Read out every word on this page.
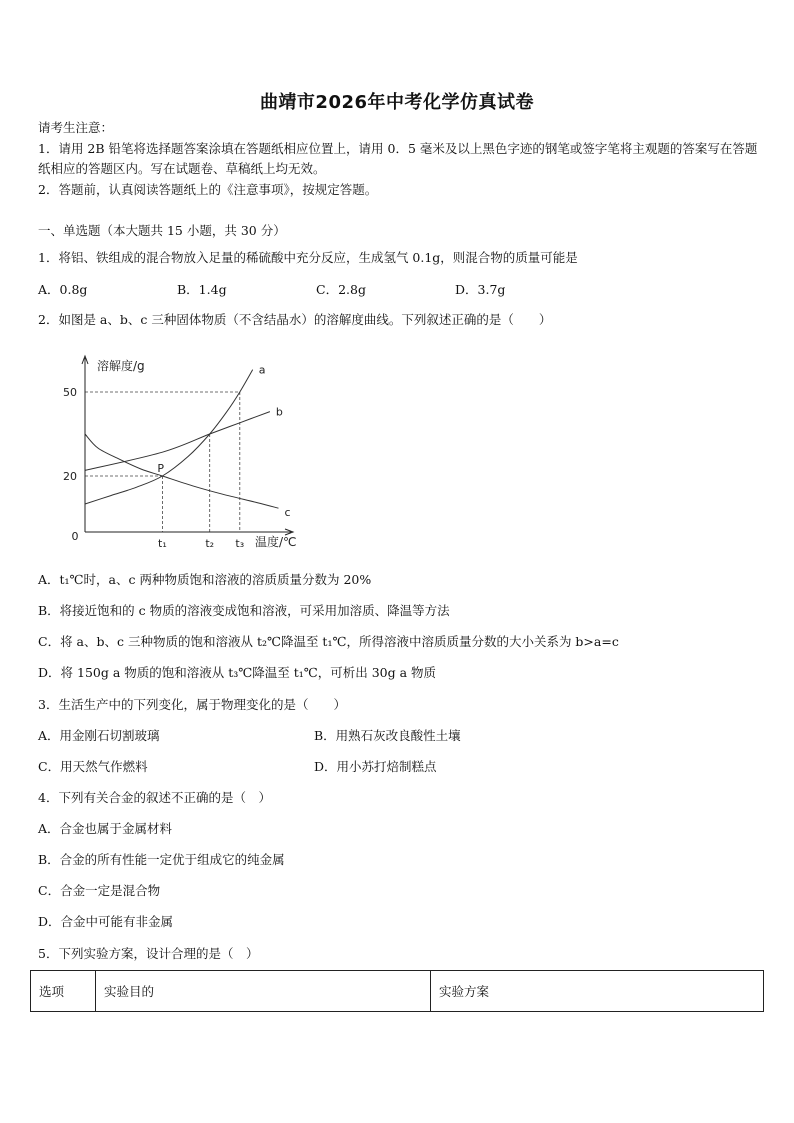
曲靖市2026年中考化学仿真试卷
请考生注意：
1．请用 2B 铅笔将选择题答案涂填在答题纸相应位置上，请用 0．5 毫米及以上黑色字迹的钢笔或签字笔将主观题的答案写在答题纸相应的答题区内。写在试题卷、草稿纸上均无效。
2．答题前，认真阅读答题纸上的《注意事项》，按规定答题。
一、单选题（本大题共 15 小题，共 30 分）
1．将铝、铁组成的混合物放入足量的稀硫酸中充分反应，生成氢气 0.1g，则混合物的质量可能是
A．0.8g	B．1.4g	C．2.8g	D．3.7g
2．如图是 a、b、c 三种固体物质（不含结晶水）的溶解度曲线。下列叙述正确的是（　　）
a
b
c
溶解度/g
温度/℃
50
20
0
t₁	t₂ t₃
P
A．t₁℃时，a、c 两种物质饱和溶液的溶质质量分数为 20%
B．将接近饱和的 c 物质的溶液变成饱和溶液，可采用加溶质、降温等方法
C．将 a、b、c 三种物质的饱和溶液从 t₂℃降温至 t₁℃，所得溶液中溶质质量分数的大小关系为 b>a=c
D．将 150g a 物质的饱和溶液从 t₃℃降温至 t₁℃，可析出 30g a 物质
3．生活生产中的下列变化，属于物理变化的是（　　）
A．用金刚石切割玻璃	B．用熟石灰改良酸性土壤
C．用天然气作燃料	D．用小苏打焙制糕点
4．下列有关合金的叙述不正确的是（　）
A．合金也属于金属材料
B．合金的所有性能一定优于组成它的纯金属
C．合金一定是混合物
D．合金中可能有非金属
5．下列实验方案，设计合理的是（　）
选项	实验目的	实验方案
